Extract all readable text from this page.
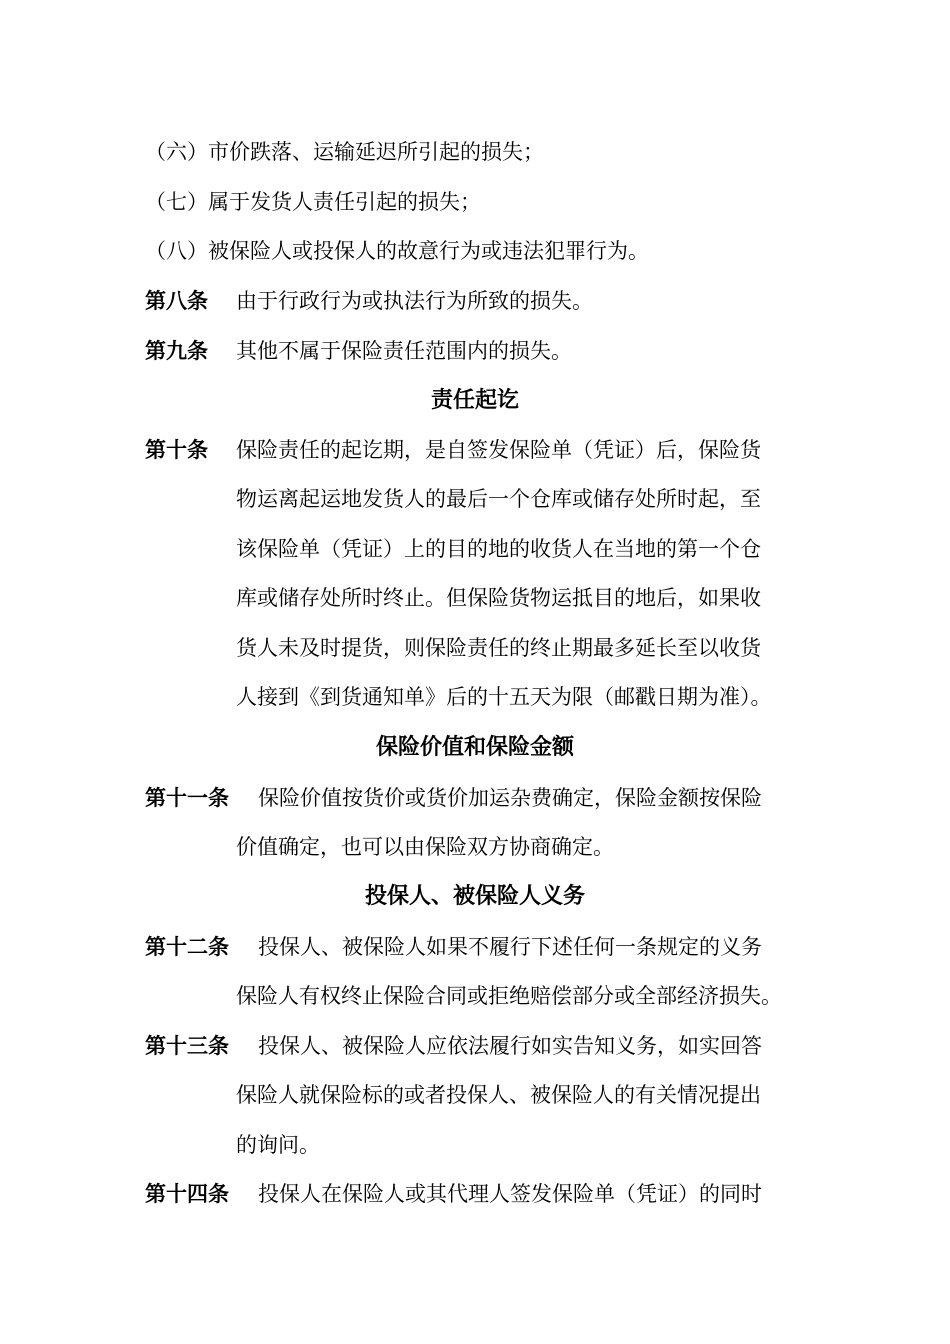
（六）市价跌落、运输延迟所引起的损失；
（七）属于发货人责任引起的损失；
（八）被保险人或投保人的故意行为或违法犯罪行为。
第八条 由于行政行为或执法行为所致的损失。
第九条 其他不属于保险责任范围内的损失。
责任起讫
第十条 保险责任的起讫期，是自签发保险单（凭证）后，保险货
物运离起运地发货人的最后一个仓库或储存处所时起，至
该保险单（凭证）上的目的地的收货人在当地的第一个仓
库或储存处所时终止。但保险货物运抵目的地后，如果收
货人未及时提货，则保险责任的终止期最多延长至以收货
人接到《到货通知单》后的十五天为限（邮戳日期为准）。
保险价值和保险金额
第十一条 保险价值按货价或货价加运杂费确定，保险金额按保险
价值确定，也可以由保险双方协商确定。
投保人、被保险人义务
第十二条 投保人、被保险人如果不履行下述任何一条规定的义务
保险人有权终止保险合同或拒绝赔偿部分或全部经济损失。
第十三条 投保人、被保险人应依法履行如实告知义务，如实回答
保险人就保险标的或者投保人、被保险人的有关情况提出
的询问。
第十四条 投保人在保险人或其代理人签发保险单（凭证）的同时
